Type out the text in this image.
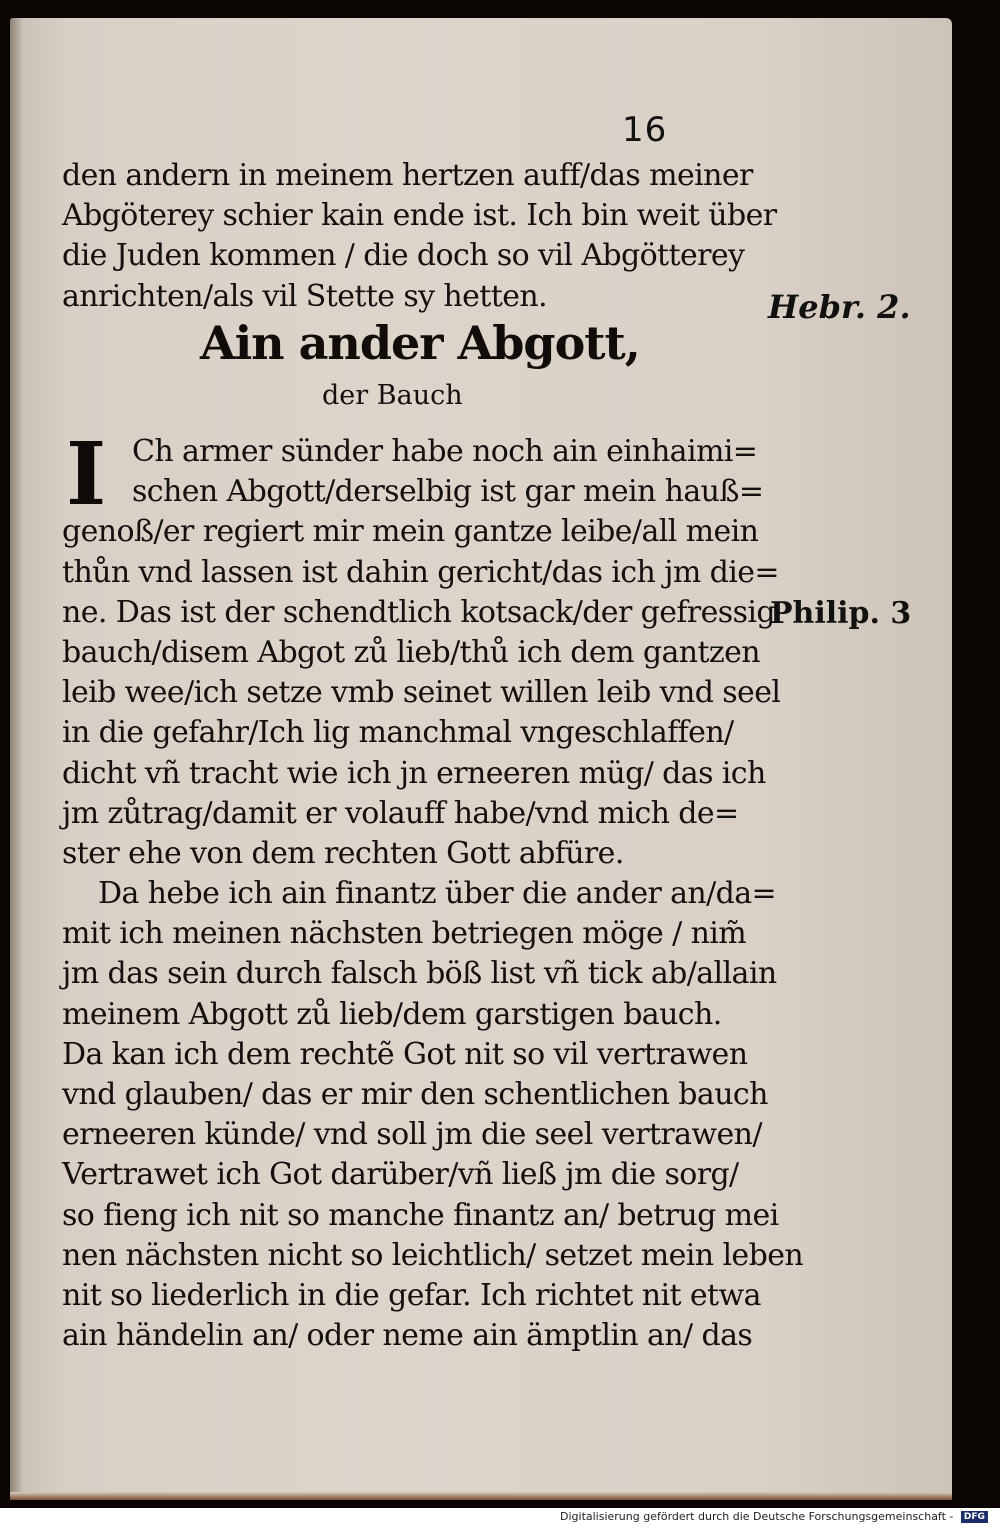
16
den andern in meinem hertzen auff/das meiner
Abgöterey schier kain ende ist. Ich bin weit über
die Juden kommen / die doch so vil Abgötterey
anrichten/als vil Stette sy hetten.
Ain ander Abgott,
der Bauch
I Ch armer sünder habe noch ain einhaimi=
schen Abgott/derselbig ist gar mein hauß=
genoß/er regiert mir mein gantze leibe/all mein
thůn vnd lassen ist dahin gericht/das ich jm die=
ne. Das ist der schendtlich kotsack/der gefressig
bauch/disem Abgot zů lieb/thů ich dem gantzen
leib wee/ich setze vmb seinet willen leib vnd seel
in die gefahr/Ich lig manchmal vngeschlaffen/
dicht vñ tracht wie ich jn erneeren müg/ das ich
jm zůtrag/damit er volauff habe/vnd mich de=
ster ehe von dem rechten Gott abfüre.
Da hebe ich ain finantz über die ander an/da=
mit ich meinen nächsten betriegen möge / nim̃
jm das sein durch falsch böß list vñ tick ab/allain
meinem Abgott zů lieb/dem garstigen bauch.
Da kan ich dem rechtẽ Got nit so vil vertrawen
vnd glauben/ das er mir den schentlichen bauch
erneeren künde/ vnd soll jm die seel vertrawen/
Vertrawet ich Got darüber/vñ ließ jm die sorg/
so fieng ich nit so manche finantz an/ betrug mei
nen nächsten nicht so leichtlich/ setzet mein leben
nit so liederlich in die gefar. Ich richtet nit etwa
ain händelin an/ oder neme ain ämptlin an/ das
Hebr. 2.
Philip. 3
Digitalisierung gefördert durch die Deutsche Forschungsgemeinschaft - DFG
